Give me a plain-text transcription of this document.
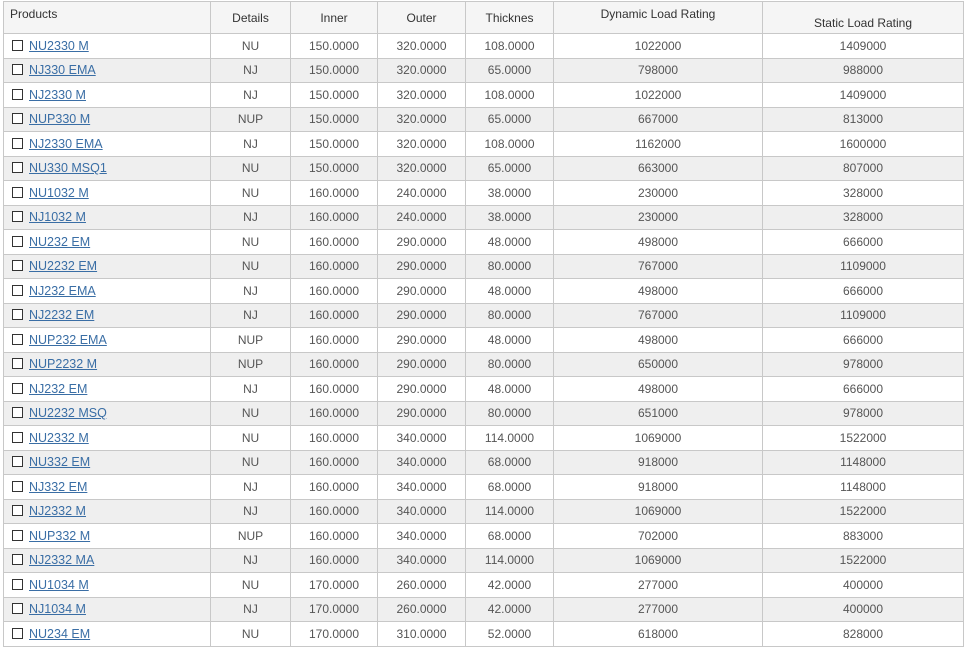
Products	Details	Inner	Outer	Thicknes	Dynamic Load Rating	Static Load Rating
NU2330 M	NU	150.0000	320.0000	108.0000	1022000	1409000
NJ330 EMA	NJ	150.0000	320.0000	65.0000	798000	988000
NJ2330 M	NJ	150.0000	320.0000	108.0000	1022000	1409000
NUP330 M	NUP	150.0000	320.0000	65.0000	667000	813000
NJ2330 EMA	NJ	150.0000	320.0000	108.0000	1162000	1600000
NU330 MSQ1	NU	150.0000	320.0000	65.0000	663000	807000
NU1032 M	NU	160.0000	240.0000	38.0000	230000	328000
NJ1032 M	NJ	160.0000	240.0000	38.0000	230000	328000
NU232 EM	NU	160.0000	290.0000	48.0000	498000	666000
NU2232 EM	NU	160.0000	290.0000	80.0000	767000	1109000
NJ232 EMA	NJ	160.0000	290.0000	48.0000	498000	666000
NJ2232 EM	NJ	160.0000	290.0000	80.0000	767000	1109000
NUP232 EMA	NUP	160.0000	290.0000	48.0000	498000	666000
NUP2232 M	NUP	160.0000	290.0000	80.0000	650000	978000
NJ232 EM	NJ	160.0000	290.0000	48.0000	498000	666000
NU2232 MSQ	NU	160.0000	290.0000	80.0000	651000	978000
NU2332 M	NU	160.0000	340.0000	114.0000	1069000	1522000
NU332 EM	NU	160.0000	340.0000	68.0000	918000	1148000
NJ332 EM	NJ	160.0000	340.0000	68.0000	918000	1148000
NJ2332 M	NJ	160.0000	340.0000	114.0000	1069000	1522000
NUP332 M	NUP	160.0000	340.0000	68.0000	702000	883000
NJ2332 MA	NJ	160.0000	340.0000	114.0000	1069000	1522000
NU1034 M	NU	170.0000	260.0000	42.0000	277000	400000
NJ1034 M	NJ	170.0000	260.0000	42.0000	277000	400000
NU234 EM	NU	170.0000	310.0000	52.0000	618000	828000
